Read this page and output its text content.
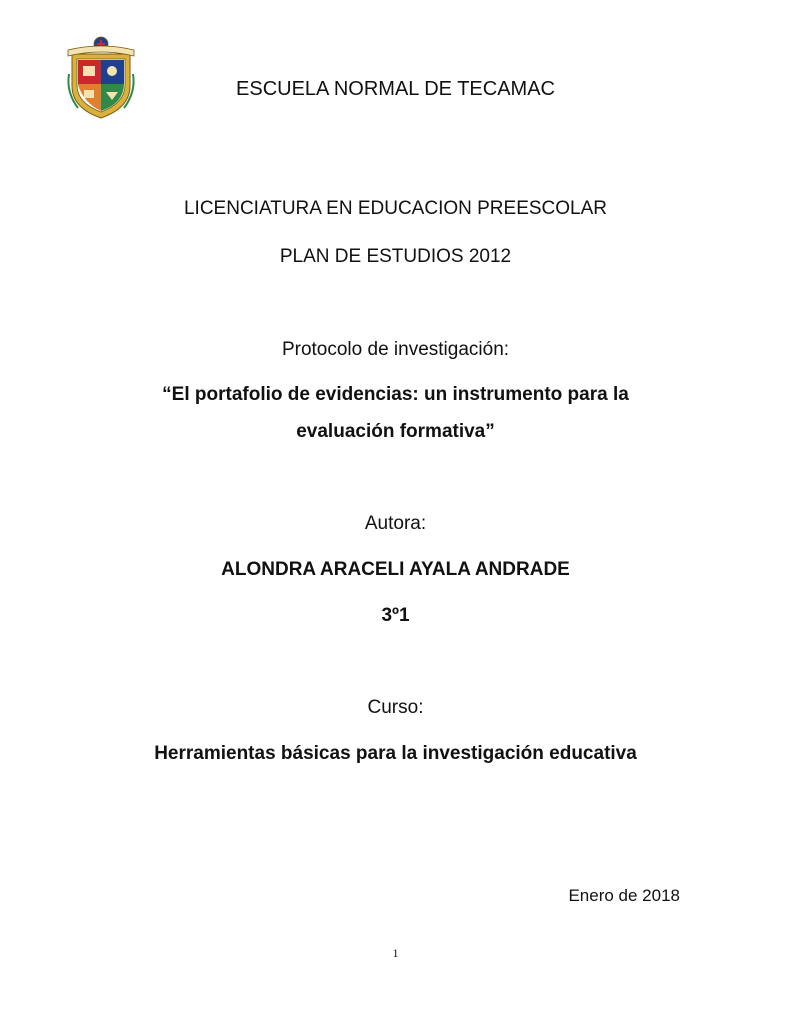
ESCUELA NORMAL DE TECAMAC
LICENCIATURA EN EDUCACION PREESCOLAR
PLAN DE ESTUDIOS 2012
Protocolo de investigación:
“El portafolio de evidencias: un instrumento para la
evaluación formativa”
Autora:
ALONDRA ARACELI AYALA ANDRADE
3º1
Curso:
Herramientas básicas para la investigación educativa
Enero de 2018
1
